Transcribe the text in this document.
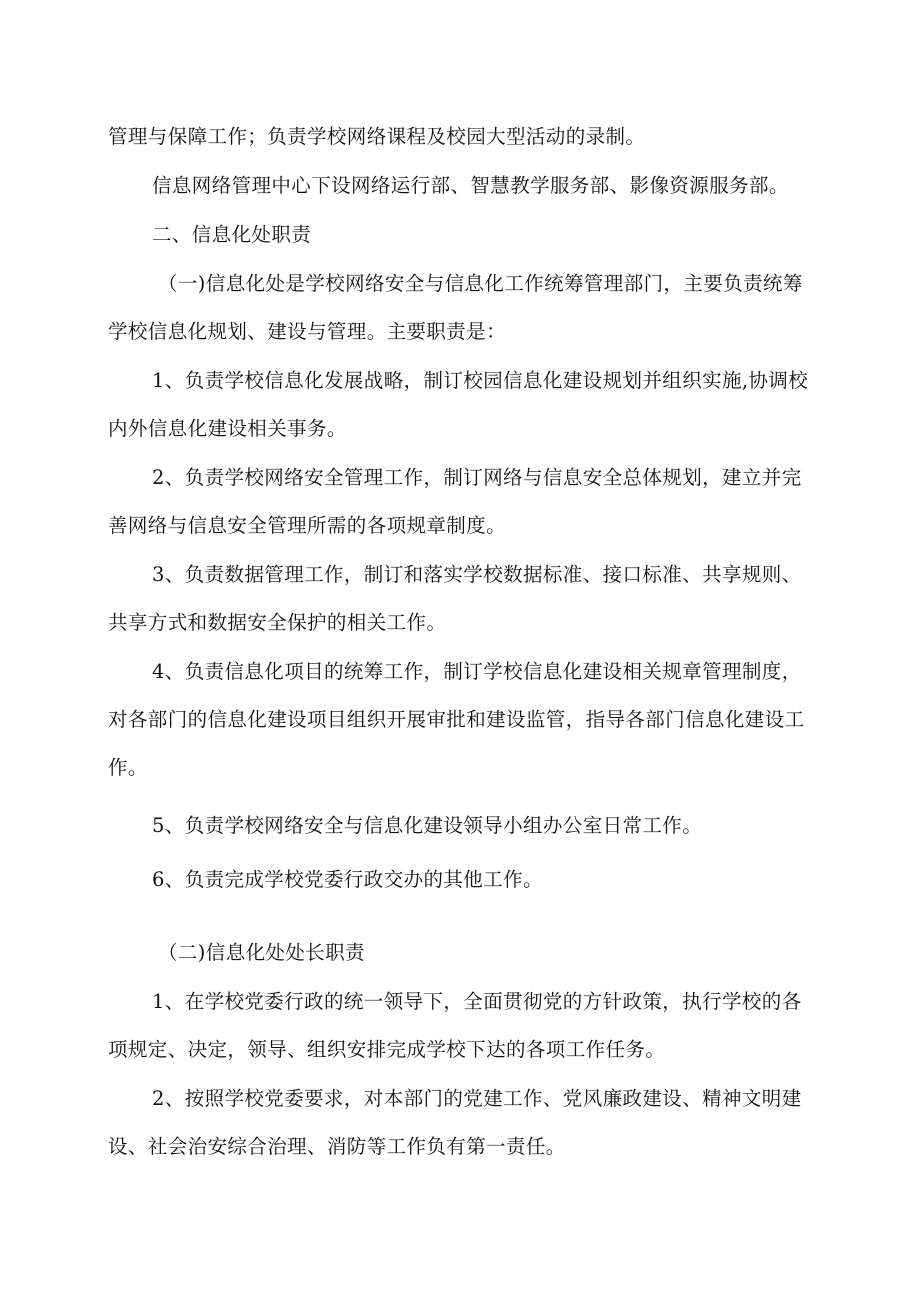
管理与保障工作；负责学校网络课程及校园大型活动的录制。
信息网络管理中心下设网络运行部、智慧教学服务部、影像资源服务部。
二、信息化处职责
（一)信息化处是学校网络安全与信息化工作统筹管理部门，主要负责统筹
学校信息化规划、建设与管理。主要职责是：
1、负责学校信息化发展战略，制订校园信息化建设规划并组织实施,协调校
内外信息化建设相关事务。
2、负责学校网络安全管理工作，制订网络与信息安全总体规划，建立并完
善网络与信息安全管理所需的各项规章制度。
3、负责数据管理工作，制订和落实学校数据标准、接口标准、共享规则、
共享方式和数据安全保护的相关工作。
4、负责信息化项目的统筹工作，制订学校信息化建设相关规章管理制度，
对各部门的信息化建设项目组织开展审批和建设监管，指导各部门信息化建设工
作。
5、负责学校网络安全与信息化建设领导小组办公室日常工作。
6、负责完成学校党委行政交办的其他工作。
（二)信息化处处长职责
1、在学校党委行政的统一领导下，全面贯彻党的方针政策，执行学校的各
项规定、决定，领导、组织安排完成学校下达的各项工作任务。
2、按照学校党委要求，对本部门的党建工作、党风廉政建设、精神文明建
设、社会治安综合治理、消防等工作负有第一责任。
